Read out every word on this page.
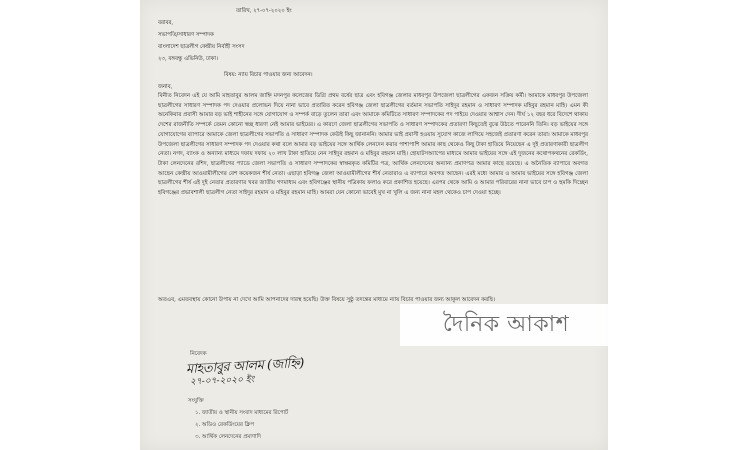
তারিখ, ২৭-০৭-২০২০ ইং
বরাবর,
সভাপতি/সাধারণ সম্পাদক
বাংলাদেশ ছাত্রলীগ কেন্দ্রীয় নির্বাহী সংসদ
২৩, বঙ্গবন্ধু এভিনিউ, ঢাকা।
বিষয়: ন্যায় বিচার পাওয়ার জন্য আবেদন।
জনাব,

বিনীত নিবেদন এই যে আমি মাহতাবুর আলম জাহ্নি মদনপুর কলেজের ডিগ্রি প্রথম বর্ষের ছাত্র এবং হবিগঞ্জ জেলার মাধবপুর উপজেলা ছাত্রলীগের একজন সক্রিয় কর্মী। আমাকে মাধবপুর উপজেলা ছাত্রলীগের সাধারণ সম্পাদক পদ দেওয়ার প্রলোভন দিয়ে নানা ভাবে প্রতারিত করেন হবিগঞ্জ জেলা ছাত্রলীগের বর্তমান সভাপতি সাইদুর রহমান ও সাধারণ সম্পাদক মহিবুর রহমান মাহি। এমন কী অনেকিবার প্রবাসী আমার বড় ভাই শাহীনের সঙ্গে যোগাযোগ ও সম্পর্ক বাড়ে তুলেন তারা এবং আমাকে কমিটিতে সাধারণ সম্পাদকের পদ পাইয়ে দেওয়ার আশ্বাস দেন। দীর্ঘ ১২ বছর ধরে বিদেশে থাকায় দেশের রাজনীতি সম্পর্কে তেমন কোনো স্বচ্ছ ধারণা নেই আমার ভাইয়ের। এ কারণে জেলা ছাত্রলীগের সভাপতি ও সাধারণ সম্পাদকের প্রতারণা কিছুতেই বুঝে উঠতে পারেননি তিনি। বড় ভাইয়ের সঙ্গে যোগাযোগের ব্যাপারে আমাকে জেলা ছাত্রলীগের সভাপতি ও সাধারণ সম্পাদক কেউই কিছু জানাননি। আমার ভাই প্রবাসী হওয়ায় সুযোগ কাজে লাগিয়ে সহজেই প্রতারণা করেন তারা। আমাকে মাধবপুর উপজেলা ছাত্রলীগের সাধারণ সম্পাদক পদ দেওয়ার কথা বলে আমার বড় ভাইয়ের সঙ্গে আর্থিক লেনদেন করার পাশাপাশি আমার কাছ থেকেও কিছু টাকা হাতিয়ে নিয়েছেন এ দুই প্রতারণাকারী ছাত্রলীগ নেতা। নগদ, ব্যাংক ও অন্যান্য মাধ্যমে দফায় দফায় ২০ লাখ টাকা হাতিয়ে নেন সাইদুর রহমান ও মহিবুর রহমান মাহি। হোয়াটসঅ্যাপের মাধ্যমে আমার ভাইয়ের সঙ্গে এই দুজনের কথোপকথনের রেকর্ডিং, টাকা লেনদেনের রশিদ, ছাত্রলীগের প্যাডে জেলা সভাপতি ও সাধারণ সম্পাদকের স্বাক্ষরকৃত কমিটির পত্র, আর্থিক লেনদেনের অন্যান্য প্রমাণপত্র আমার কাছে রয়েছে। এ অনৈতিক ব্যাপারে অবগত আছেন কেন্দ্রীয় আওয়ামীলীগের বেশ কয়েকজন শীর্ষ নেতা। এছাড়া হবিগঞ্জ জেলা আওয়ামীলীগের শীর্ষ নেতারাও এ ব্যাপারে অবগত আছেন। এরই মধ্যে আমার ও আমার ভাইয়ের সঙ্গে হবিগঞ্জ জেলা ছাত্রলীগের শীর্ষ এই দুই নেতার প্রতারণার খবর জাতীয় গণমাধ্যম এবং হবিগঞ্জের স্থানীয় পত্রিকায় ফলাও করে প্রকাশিত হয়েছে। এরপর থেকে আমি ও আমার পরিবারের নানা ভাবে চাপ ও হুমকি দিচ্ছেন হবিগঞ্জের প্রভাবশালী ছাত্রলীগ নেতা সাইদুর রহমান ও মহিবুর রহমান মাহি। আমরা যেন কোনো ভাবেই মুখ না খুলি এ জন্য নানা মহল থেকেও চাপ দেওয়া হচ্ছে।

অতএব, এমতবস্থায় কোনো উপায় না দেখে আমি আপনাদের দারস্থ হয়েছি। উক্ত বিষয়ে সুষ্ঠু তদন্তের মাধ্যমে ন্যায় বিচার পাওয়ার জন্য আকুল আবেদন করছি।
নিবেদক
মাহতাবুর আলম (জাহ্নি)
২৭-০৭-২০২০ ইং
সংযুক্তি
১. জাতীয় ও স্থানীয় সংবাদ মাধ্যমের রিপোর্ট
২. অডিও রেকর্ডিংয়ের ক্লিপ
৩. আর্থিক লেনদেনের প্রমাণাদি
দৈনিক আকাশ
